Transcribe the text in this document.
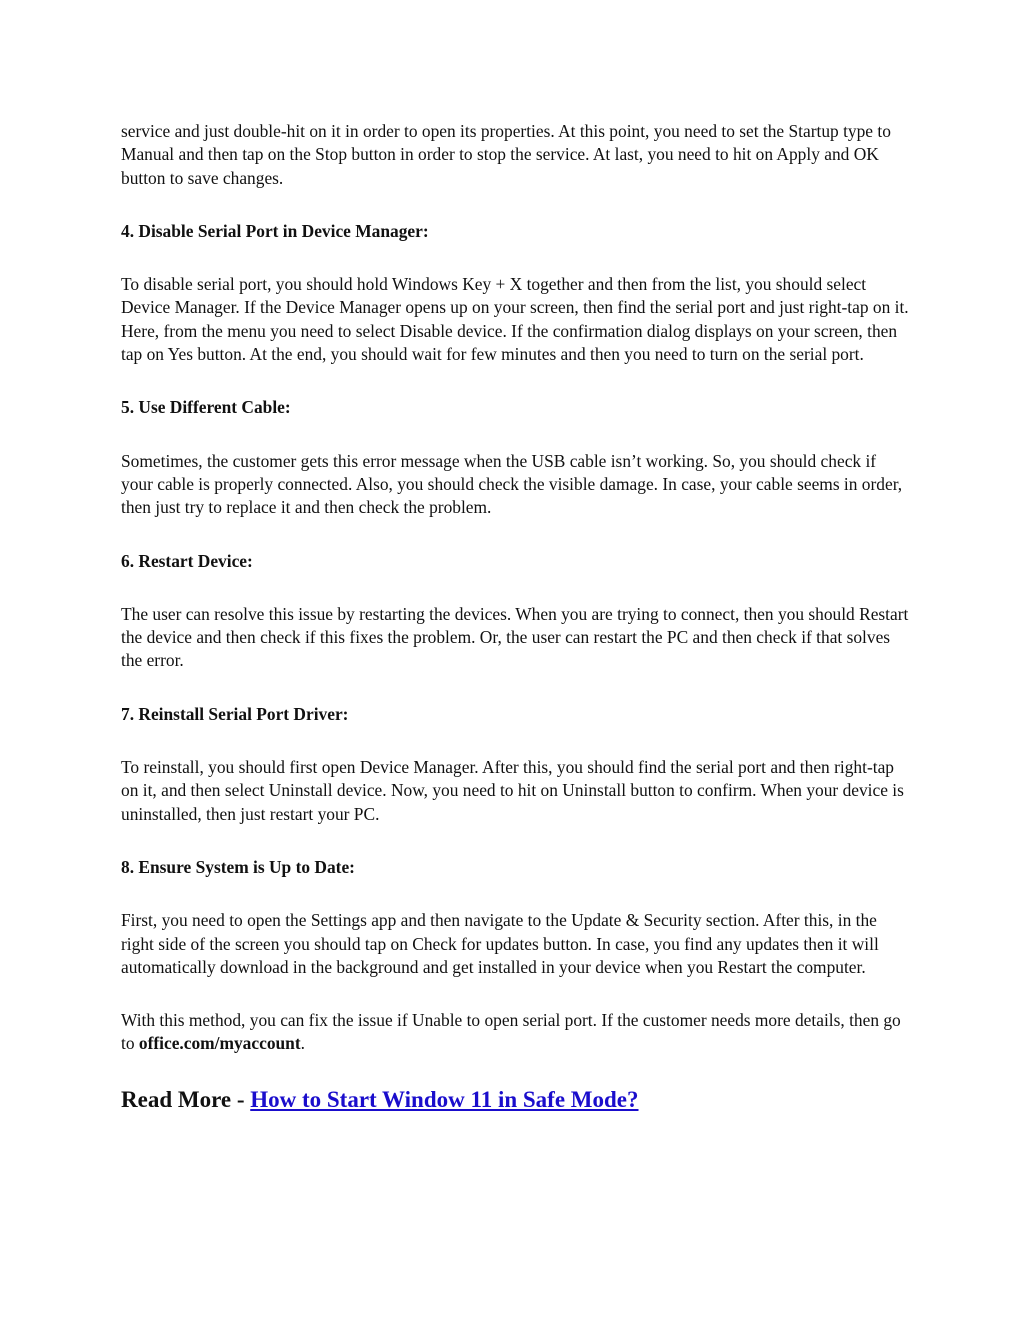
service and just double-hit on it in order to open its properties. At this point, you need to set the Startup type to Manual and then tap on the Stop button in order to stop the service. At last, you need to hit on Apply and OK button to save changes.

4. Disable Serial Port in Device Manager:

To disable serial port, you should hold Windows Key + X together and then from the list, you should select Device Manager. If the Device Manager opens up on your screen, then find the serial port and just right-tap on it. Here, from the menu you need to select Disable device. If the confirmation dialog displays on your screen, then tap on Yes button. At the end, you should wait for few minutes and then you need to turn on the serial port.

5. Use Different Cable:

Sometimes, the customer gets this error message when the USB cable isn’t working. So, you should check if your cable is properly connected. Also, you should check the visible damage. In case, your cable seems in order, then just try to replace it and then check the problem.

6. Restart Device:

The user can resolve this issue by restarting the devices. When you are trying to connect, then you should Restart the device and then check if this fixes the problem. Or, the user can restart the PC and then check if that solves the error.

7. Reinstall Serial Port Driver:

To reinstall, you should first open Device Manager. After this, you should find the serial port and then right-tap on it, and then select Uninstall device. Now, you need to hit on Uninstall button to confirm. When your device is uninstalled, then just restart your PC.

8. Ensure System is Up to Date:

First, you need to open the Settings app and then navigate to the Update & Security section. After this, in the right side of the screen you should tap on Check for updates button. In case, you find any updates then it will automatically download in the background and get installed in your device when you Restart the computer.

With this method, you can fix the issue if Unable to open serial port. If the customer needs more details, then go to office.com/myaccount.

Read More - How to Start Window 11 in Safe Mode?
